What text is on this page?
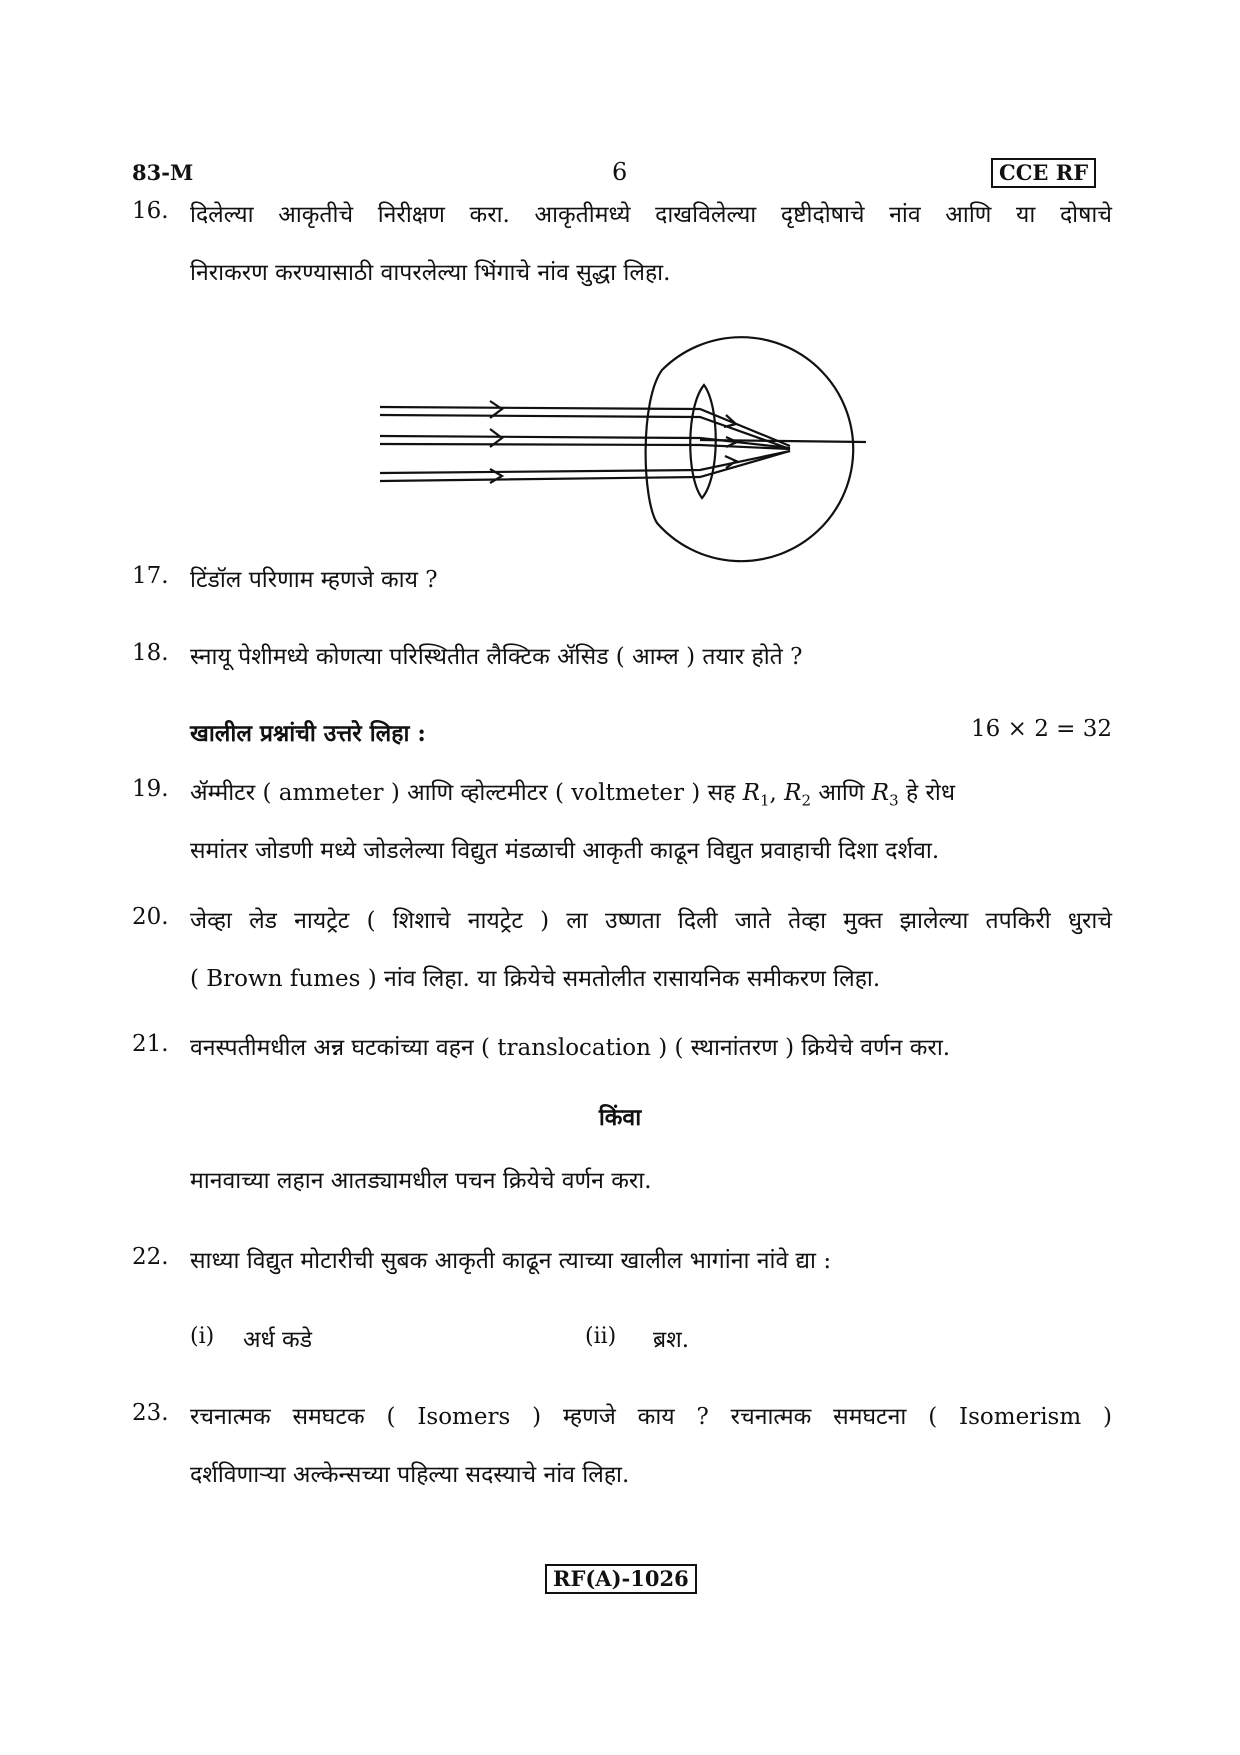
83-M	6	CCE RF
16. दिलेल्या आकृतीचे निरीक्षण करा. आकृतीमध्ये दाखविलेल्या दृष्टीदोषाचे नांव आणि या दोषाचे
निराकरण करण्यासाठी वापरलेल्या भिंगाचे नांव सुद्धा लिहा.
17. टिंडॉल परिणाम म्हणजे काय ?
18. स्नायू पेशीमध्ये कोणत्या परिस्थितीत लैक्टिक ॲसिड ( आम्ल ) तयार होते ?
खालील प्रश्नांची उत्तरे लिहा :	16 × 2 = 32
19. ॲम्मीटर ( ammeter ) आणि व्होल्टमीटर ( voltmeter ) सह $R_1$, $R_2$ आणि $R_3$ हे रोध
समांतर जोडणी मध्ये जोडलेल्या विद्युत मंडळाची आकृती काढून विद्युत प्रवाहाची दिशा दर्शवा.
20. जेव्हा लेड नायट्रेट ( शिशाचे नायट्रेट ) ला उष्णता दिली जाते तेव्हा मुक्त झालेल्या तपकिरी धुराचे
( Brown fumes ) नांव लिहा. या क्रियेचे समतोलीत रासायनिक समीकरण लिहा.
21. वनस्पतीमधील अन्न घटकांच्या वहन ( translocation ) ( स्थानांतरण ) क्रियेचे वर्णन करा.
किंवा
मानवाच्या लहान आतड्यामधील पचन क्रियेचे वर्णन करा.
22. साध्या विद्युत मोटारीची सुबक आकृती काढून त्याच्या खालील भागांना नांवे द्या :
(i) अर्ध कडे	(ii) ब्रश.
23. रचनात्मक समघटक ( Isomers ) म्हणजे काय ? रचनात्मक समघटना ( Isomerism )
दर्शविणाऱ्या अल्केन्सच्या पहिल्या सदस्याचे नांव लिहा.
RF(A)-1026
